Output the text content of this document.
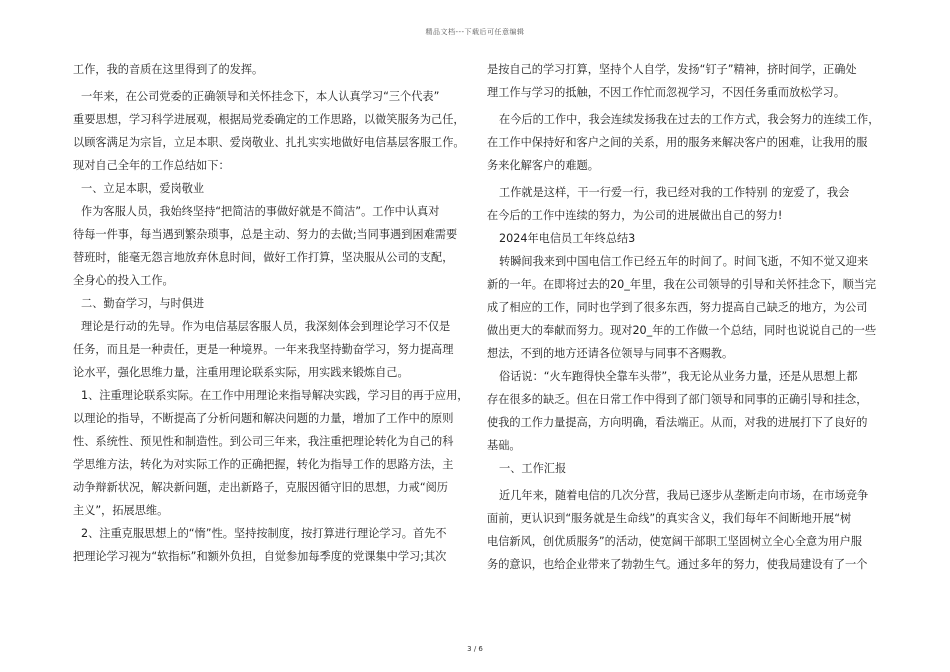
精品文档---下载后可任意编辑
工作，我的音质在这里得到了的发挥。
一年来，在公司党委的正确领导和关怀挂念下，本人认真学习“三个代表”
重要思想，学习科学进展观，根据局党委确定的工作思路，以微笑服务为己任，
以顾客满足为宗旨，立足本职、爱岗敬业、扎扎实实地做好电信基层客服工作。
现对自己全年的工作总结如下：
一、立足本职，爱岗敬业
作为客服人员，我始终坚持“把简洁的事做好就是不简洁”。工作中认真对
待每一件事，每当遇到繁杂琐事，总是主动、努力的去做;当同事遇到困难需要
替班时，能毫无怨言地放弃休息时间，做好工作打算，坚决服从公司的支配，
全身心的投入工作。
二、勤奋学习，与时俱进
理论是行动的先导。作为电信基层客服人员，我深刻体会到理论学习不仅是
任务，而且是一种责任，更是一种境界。一年来我坚持勤奋学习，努力提高理
论水平，强化思维力量，注重用理论联系实际，用实践来锻炼自己。
1、注重理论联系实际。在工作中用理论来指导解决实践，学习目的再于应用，
以理论的指导，不断提高了分析问题和解决问题的力量，增加了工作中的原则
性、系统性、预见性和制造性。到公司三年来，我注重把理论转化为自己的科
学思维方法，转化为对实际工作的正确把握，转化为指导工作的思路方法，主
动争辩新状况，解决新问题，走出新路子，克服因循守旧的思想，力戒“阅历
主义”，拓展思维。
2、注重克服思想上的“惰”性。坚持按制度，按打算进行理论学习。首先不
把理论学习视为“软指标”和额外负担，自觉参加每季度的党课集中学习;其次
是按自己的学习打算，坚持个人自学，发扬“钉子”精神，挤时间学，正确处
理工作与学习的抵触，不因工作忙而忽视学习，不因任务重而放松学习。
在今后的工作中，我会连续发扬我在过去的工作方式，我会努力的连续工作，
在工作中保持好和客户之间的关系，用的服务来解决客户的困难，让我用的服
务来化解客户的难题。
工作就是这样，干一行爱一行，我已经对我的工作特别 的宠爱了，我会
在今后的工作中连续的努力，为公司的进展做出自己的努力!
2024年电信员工年终总结3
转瞬间我来到中国电信工作已经五年的时间了。时间飞逝，不知不觉又迎来
新的一年。在即将过去的20_年里，我在公司领导的引导和关怀挂念下，顺当完
成了相应的工作，同时也学到了很多东西，努力提高自己缺乏的地方，为公司
做出更大的奉献而努力。现对20_年的工作做一个总结，同时也说说自己的一些
想法，不到的地方还请各位领导与同事不吝赐教。
俗话说：“火车跑得快全靠车头带”，我无论从业务力量，还是从思想上都
存在很多的缺乏。但在日常工作中得到了部门领导和同事的正确引导和挂念，
使我的工作力量提高，方向明确，看法端正。从而，对我的进展打下了良好的
基础。
一、工作汇报
近几年来，随着电信的几次分营，我局已逐步从垄断走向市场，在市场竞争
面前，更认识到“服务就是生命线”的真实含义，我们每年不间断地开展“树
电信新风，创优质服务”的活动，使宽阔干部职工坚固树立全心全意为用户服
务的意识，也给企业带来了勃勃生气。通过多年的努力，使我局建设有了一个
3 / 6
